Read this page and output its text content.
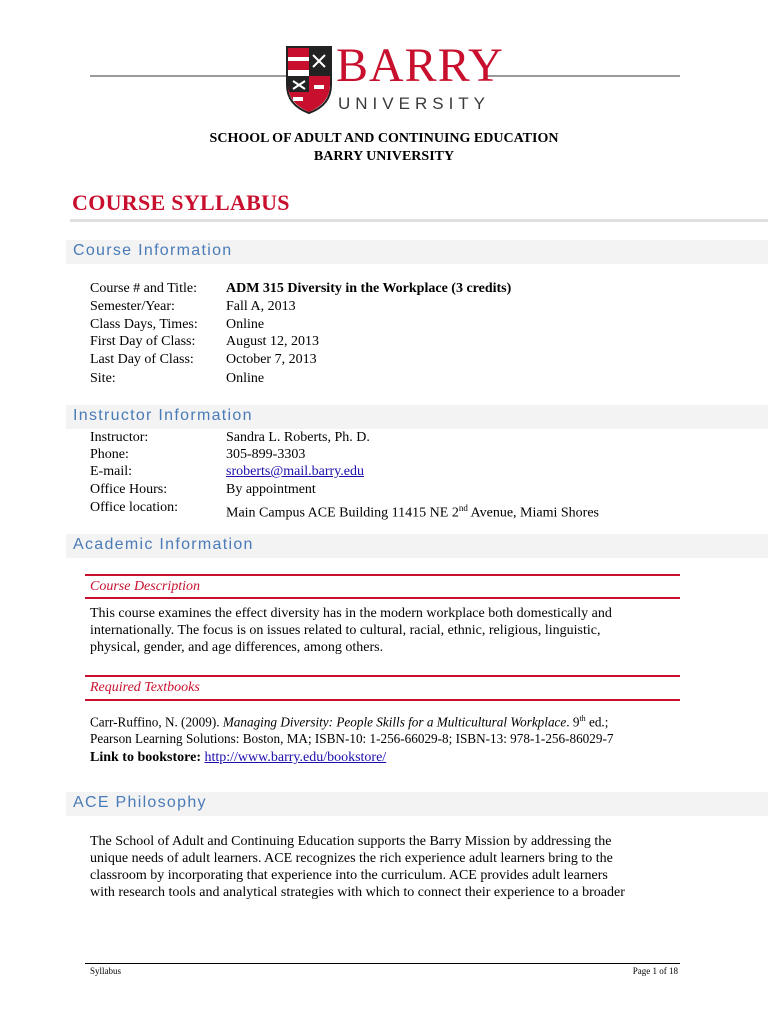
BARRY
UNIVERSITY
SCHOOL OF ADULT AND CONTINUING EDUCATION
BARRY UNIVERSITY
COURSE SYLLABUS
Course Information
Course # and Title: ADM 315 Diversity in the Workplace (3 credits)
Semester/Year:	Fall A, 2013
Class Days, Times: Online
First Day of Class: August 12, 2013
Last Day of Class: October 7, 2013
Site:	Online
Instructor Information
Instructor:	Sandra L. Roberts, Ph. D.
Phone:	305-899-3303
E-mail:	sroberts@mail.barry.edu
Office Hours:	By appointment
Office location:	Main Campus ACE Building 11415 NE 2nd Avenue, Miami Shores
Academic Information
Course Description
This course examines the effect diversity has in the modern workplace both domestically and
internationally. The focus is on issues related to cultural, racial, ethnic, religious, linguistic,
physical, gender, and age differences, among others.
Required Textbooks
Carr-Ruffino, N. (2009). Managing Diversity: People Skills for a Multicultural Workplace. 9th ed.;
Pearson Learning Solutions: Boston, MA; ISBN-10: 1-256-66029-8; ISBN-13: 978-1-256-86029-7
Link to bookstore: http://www.barry.edu/bookstore/
ACE Philosophy
The School of Adult and Continuing Education supports the Barry Mission by addressing the
unique needs of adult learners. ACE recognizes the rich experience adult learners bring to the
classroom by incorporating that experience into the curriculum. ACE provides adult learners
with research tools and analytical strategies with which to connect their experience to a broader
Syllabus	Page 1 of 18
